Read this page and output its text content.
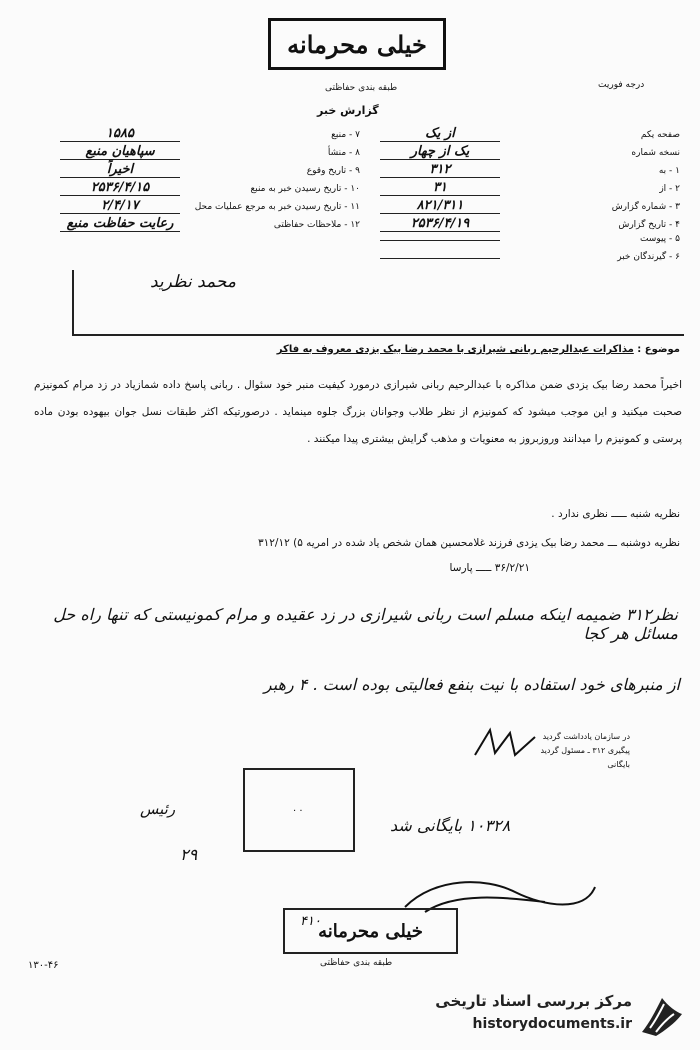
خیلی محرمانه
طبقه بندی حفاظتی	درجه فوریت
گزارش خبر
صفحه یکم
از یک
نسخه شماره
یک از چهار
۱ - به
۳۱۲
۲ - از
۳۱
۳ - شماره گزارش
۸۲۱/۳۱۱
۴ - تاریخ گزارش
۲۵۳۶/۴/۱۹
۵ - پیوست
۶ - گیرندگان خبر
۷ - منبع
۱۵۸۵
۸ - منشأ
سپاهیان منبع
۹ - تاریخ وقوع
اخیراً
۱۰ - تاریخ رسیدن خبر به منبع
۲۵۳۶/۴/۱۵
۱۱ - تاریخ رسیدن خبر به مرجع عملیات محل
۲/۴/۱۷
۱۲ - ملاحظات حفاظتی
رعایت حفاظت منبع
محمد نظرید
موضوع : مذاکرات عبدالرحیم ربانی شیرازی با محمد رضا بیک یزدی معروف به فاکر
اخیراً محمد رضا بیک یزدی ضمن مذاکره با عبدالرحیم ربانی شیرازی درمورد کیفیت منبر خود سئوال . ربانی پاسخ داده شمازیاد در زد مرام کمونیزم صحبت میکنید و این موجب میشود که کمونیزم از نظر طلاب وجوانان بزرگ جلوه مینماید . درصورتیکه اکثر طبقات نسل جوان بیهوده بودن ماده پرستی و کمونیزم را میدانند وروزبروز به معنویات و مذهب گرایش بیشتری پیدا میکنند .
نظریه شنبه ـــــ نظری ندارد .
نظریه دوشنبه ـــ محمد رضا بیک یزدی فرزند غلامحسین همان شخص یاد شده در امریه ۵) ۳۱۲/۱۲
۳۶/۲/۲۱ ـــــ پارسا
نظر۳۱۲ ضمیمه اینکه مسلم است ربانی شیرازی در زد عقیده و مرام کمونیستی که تنها راه حل مسائل هر کجا
از منبرهای خود استفاده با نیت بنفع فعالیتی بوده است . ۴ رهبر
در سازمان یادداشت گردید
پیگیری ۳۱۲ ـ مسئول گردید
بایگانی
· ·
رئیس
۱۰۳۲۸ بایگانی شد
۲۹
خیلی محرمانه
۴۱۰
طبقه بندی حفاظتی
۱۳۰-۴۶
مرکز بررسی اسناد تاریخی
historydocuments.ir
